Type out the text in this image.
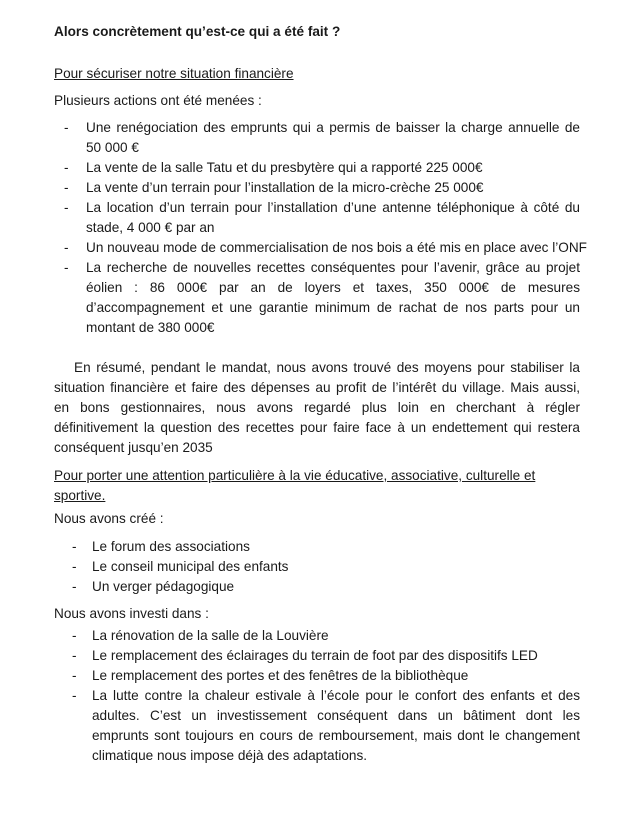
Alors concrètement qu’est-ce qui a été fait ?
Pour sécuriser notre situation financière
Plusieurs actions ont été menées :
- Une renégociation des emprunts qui a permis de baisser la charge annuelle de
50 000 €
- La vente de la salle Tatu et du presbytère qui a rapporté 225 000€
- La vente d’un terrain pour l’installation de la micro-crèche 25 000€
- La location d’un terrain pour l’installation d’une antenne téléphonique à côté du
stade, 4 000 € par an
- Un nouveau mode de commercialisation de nos bois a été mis en place avec l’ONF
- La recherche de nouvelles recettes conséquentes pour l’avenir, grâce au projet
éolien : 86 000€ par an de loyers et taxes, 350 000€ de mesures
d’accompagnement et une garantie minimum de rachat de nos parts pour un
montant de 380 000€
En résumé, pendant le mandat, nous avons trouvé des moyens pour stabiliser la
situation financière et faire des dépenses au profit de l’intérêt du village. Mais aussi,
en bons gestionnaires, nous avons regardé plus loin en cherchant à régler
définitivement la question des recettes pour faire face à un endettement qui restera
conséquent jusqu’en 2035
Pour porter une attention particulière à la vie éducative, associative, culturelle et
sportive.
Nous avons créé :
- Le forum des associations
- Le conseil municipal des enfants
- Un verger pédagogique
Nous avons investi dans :
- La rénovation de la salle de la Louvière
- Le remplacement des éclairages du terrain de foot par des dispositifs LED
- Le remplacement des portes et des fenêtres de la bibliothèque
- La lutte contre la chaleur estivale à l’école pour le confort des enfants et des
adultes. C’est un investissement conséquent dans un bâtiment dont les
emprunts sont toujours en cours de remboursement, mais dont le changement
climatique nous impose déjà des adaptations.
